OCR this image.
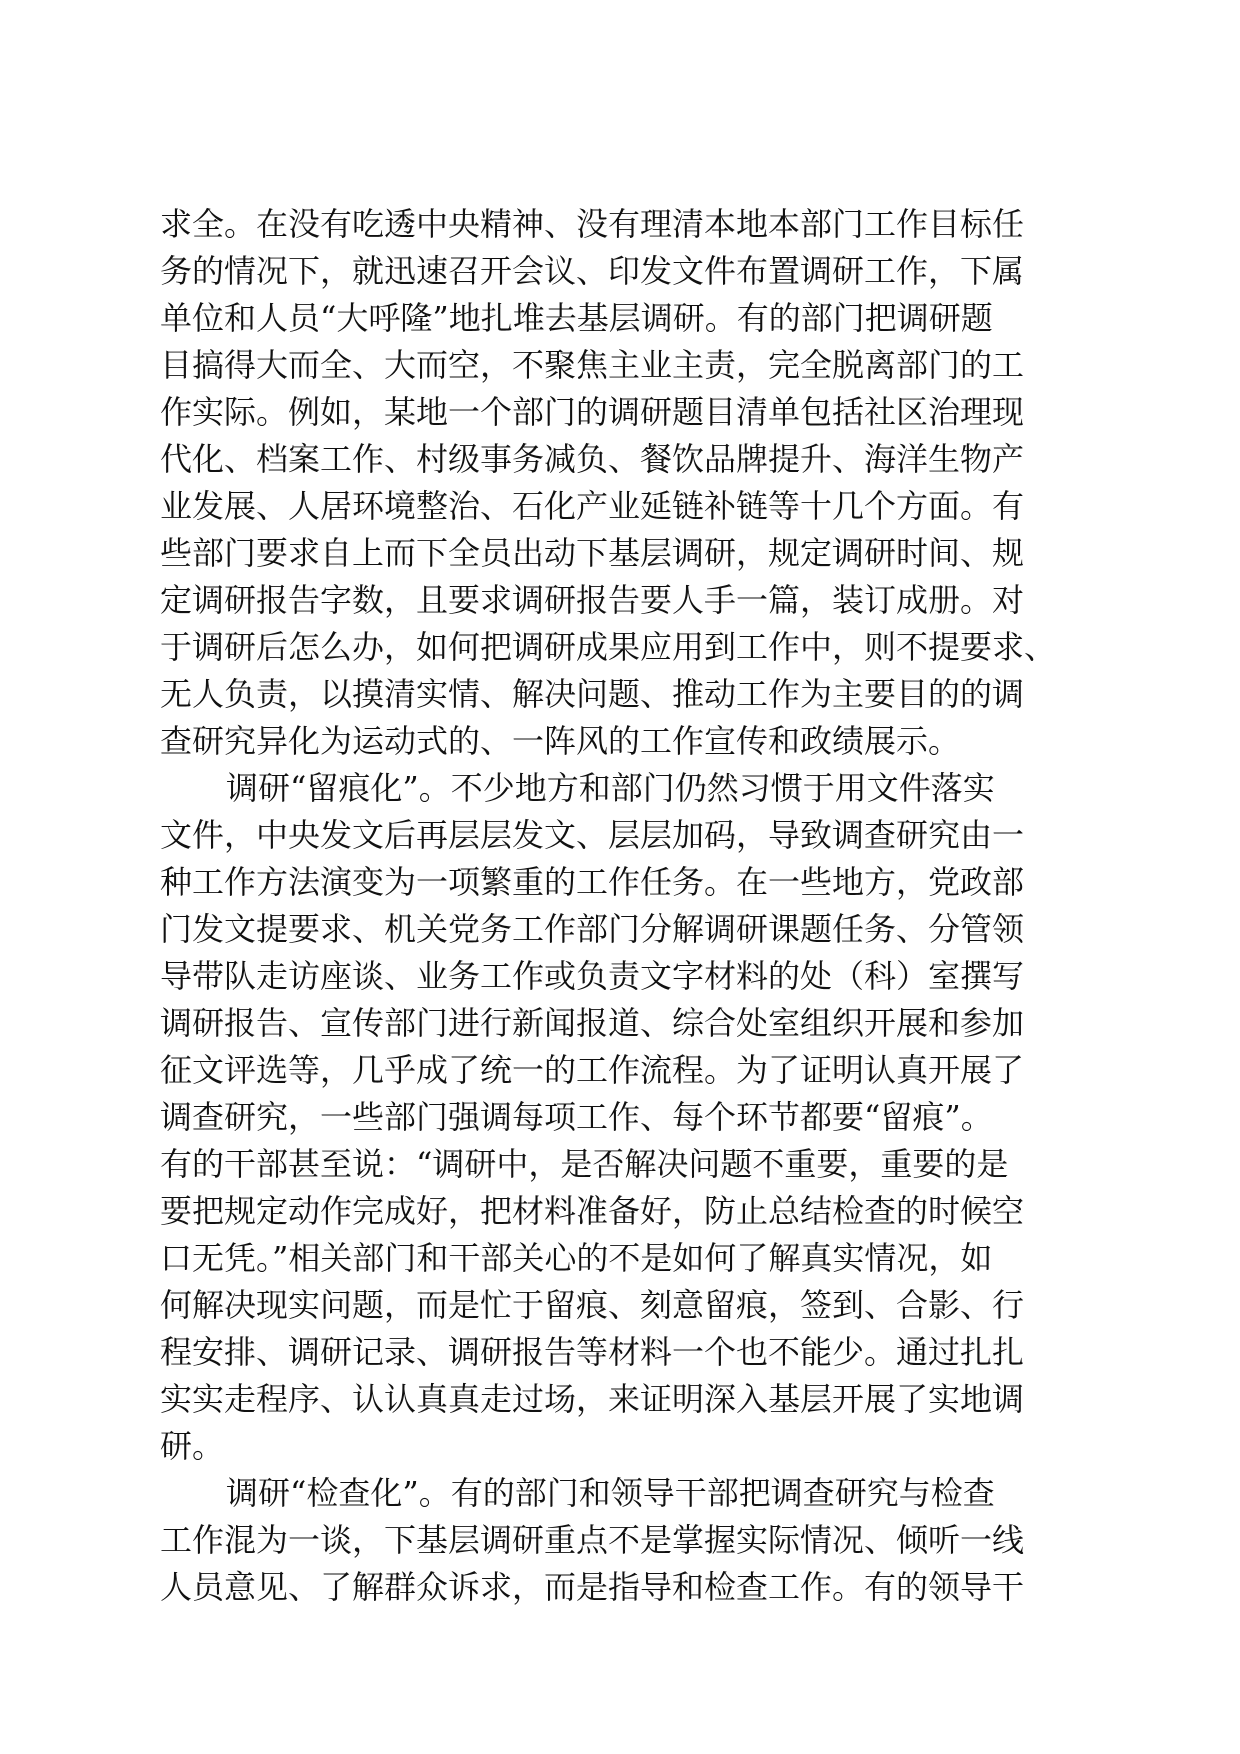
求全。在没有吃透中央精神、没有理清本地本部门工作目标任
务的情况下，就迅速召开会议、印发文件布置调研工作，下属
单位和人员“大呼隆”地扎堆去基层调研。有的部门把调研题
目搞得大而全、大而空，不聚焦主业主责，完全脱离部门的工
作实际。例如，某地一个部门的调研题目清单包括社区治理现
代化、档案工作、村级事务减负、餐饮品牌提升、海洋生物产
业发展、人居环境整治、石化产业延链补链等十几个方面。有
些部门要求自上而下全员出动下基层调研，规定调研时间、规
定调研报告字数，且要求调研报告要人手一篇，装订成册。对
于调研后怎么办，如何把调研成果应用到工作中，则不提要求、
无人负责，以摸清实情、解决问题、推动工作为主要目的的调
查研究异化为运动式的、一阵风的工作宣传和政绩展示。
调研“留痕化”。不少地方和部门仍然习惯于用文件落实
文件，中央发文后再层层发文、层层加码，导致调查研究由一
种工作方法演变为一项繁重的工作任务。在一些地方，党政部
门发文提要求、机关党务工作部门分解调研课题任务、分管领
导带队走访座谈、业务工作或负责文字材料的处（科）室撰写
调研报告、宣传部门进行新闻报道、综合处室组织开展和参加
征文评选等，几乎成了统一的工作流程。为了证明认真开展了
调查研究，一些部门强调每项工作、每个环节都要“留痕”。
有的干部甚至说：“调研中，是否解决问题不重要，重要的是
要把规定动作完成好，把材料准备好，防止总结检查的时候空
口无凭。”相关部门和干部关心的不是如何了解真实情况，如
何解决现实问题，而是忙于留痕、刻意留痕，签到、合影、行
程安排、调研记录、调研报告等材料一个也不能少。通过扎扎
实实走程序、认认真真走过场，来证明深入基层开展了实地调
研。
调研“检查化”。有的部门和领导干部把调查研究与检查
工作混为一谈，下基层调研重点不是掌握实际情况、倾听一线
人员意见、了解群众诉求，而是指导和检查工作。有的领导干
